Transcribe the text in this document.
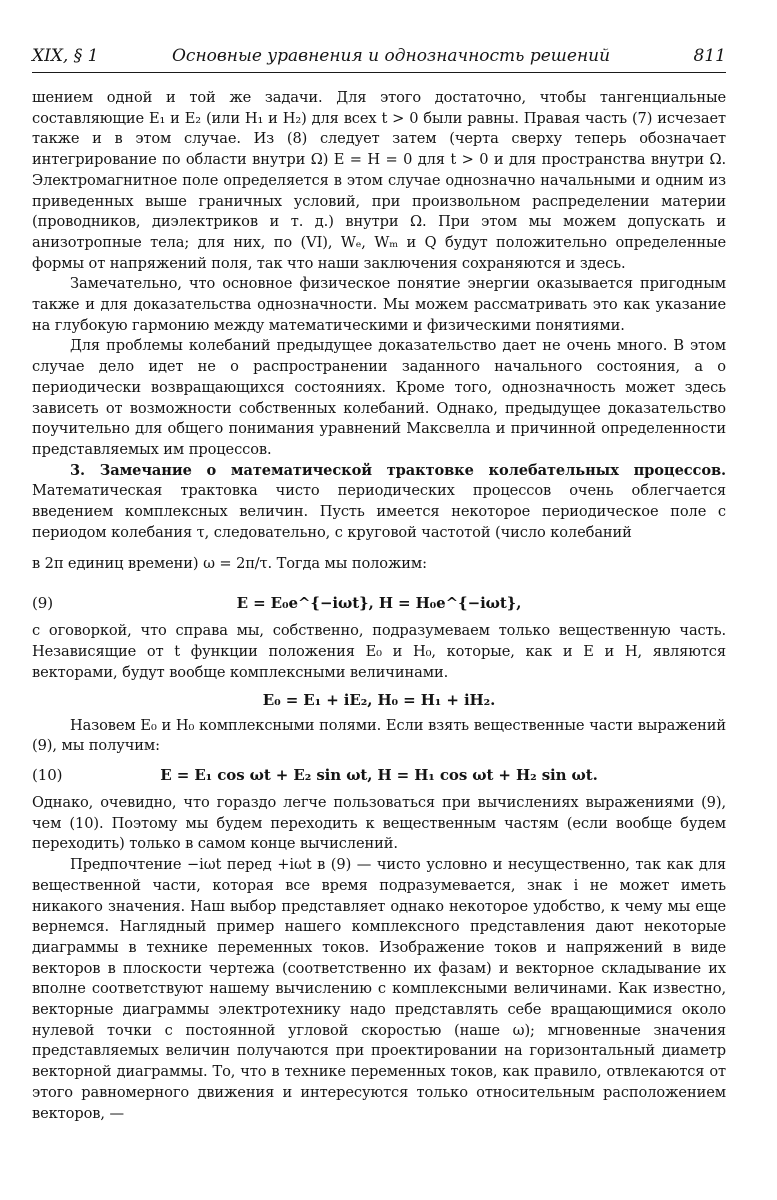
XIX, § 1	Основные уравнения и однозначность решений	811

шением одной и той же задачи. Для этого достаточно, чтобы тангенциальные составляющие E₁ и E₂ (или H₁ и H₂) для всех t > 0 были равны. Правая часть (7) исчезает также и в этом случае. Из (8) следует затем (черта сверху теперь обозначает интегрирование по области внутри Ω) E = H = 0 для t > 0 и для пространства внутри Ω. Электромагнитное поле определяется в этом случае однозначно начальными и одним из приведенных выше граничных условий, при произвольном распределении материи (проводников, диэлектриков и т. д.) внутри Ω. При этом мы можем допускать и анизотропные тела; для них, по (VI), Wₑ, Wₘ и Q будут положительно определенные формы от напряжений поля, так что наши заключения сохраняются и здесь.

Замечательно, что основное физическое понятие энергии оказывается пригодным также и для доказательства однозначности. Мы можем рассматривать это как указание на глубокую гармонию между математическими и физическими понятиями.

Для проблемы колебаний предыдущее доказательство дает не очень много. В этом случае дело идет не о распространении заданного начального состояния, а о периодически возвращающихся состояниях. Кроме того, однозначность может здесь зависеть от возможности собственных колебаний. Однако, предыдущее доказательство поучительно для общего понимания уравнений Максвелла и причинной определенности представляемых им процессов.

3. Замечание о математической трактовке колебательных процессов. Математическая трактовка чисто периодических процессов очень облегчается введением комплексных величин. Пусть имеется некоторое периодическое поле с периодом колебания τ, следовательно, с круговой частотой (число колебаний

в 2π единиц времени) ω = 2π/τ. Тогда мы положим:
(9)	E = E₀e^{−iωt}, H = H₀e^{−iωt},

с оговоркой, что справа мы, собственно, подразумеваем только вещественную часть. Независящие от t функции положения E₀ и H₀, которые, как и E и H, являются векторами, будут вообще комплексными величинами.

E₀ = E₁ + iE₂, H₀ = H₁ + iH₂.

Назовем E₀ и H₀ комплексными полями. Если взять вещественные части выражений (9), мы получим:

(10)	E = E₁ cos ωt + E₂ sin ωt, H = H₁ cos ωt + H₂ sin ωt.

Однако, очевидно, что гораздо легче пользоваться при вычислениях выражениями (9), чем (10). Поэтому мы будем переходить к вещественным частям (если вообще будем переходить) только в самом конце вычислений.

Предпочтение −iωt перед +iωt в (9) — чисто условно и несущественно, так как для вещественной части, которая все время подразумевается, знак i не может иметь никакого значения. Наш выбор представляет однако некоторое удобство, к чему мы еще вернемся. Наглядный пример нашего комплексного представления дают некоторые диаграммы в технике переменных токов. Изображение токов и напряжений в виде векторов в плоскости чертежа (соответственно их фазам) и векторное складывание их вполне соответствуют нашему вычислению с комплексными величинами. Как известно, векторные диаграммы электротехнику надо представлять себе вращающимися около нулевой точки с постоянной угловой скоростью (наше ω); мгновенные значения представляемых величин получаются при проектировании на горизонтальный диаметр векторной диаграммы. То, что в технике переменных токов, как правило, отвлекаются от этого равномерного движения и интересуются только относительным расположением векторов, —
